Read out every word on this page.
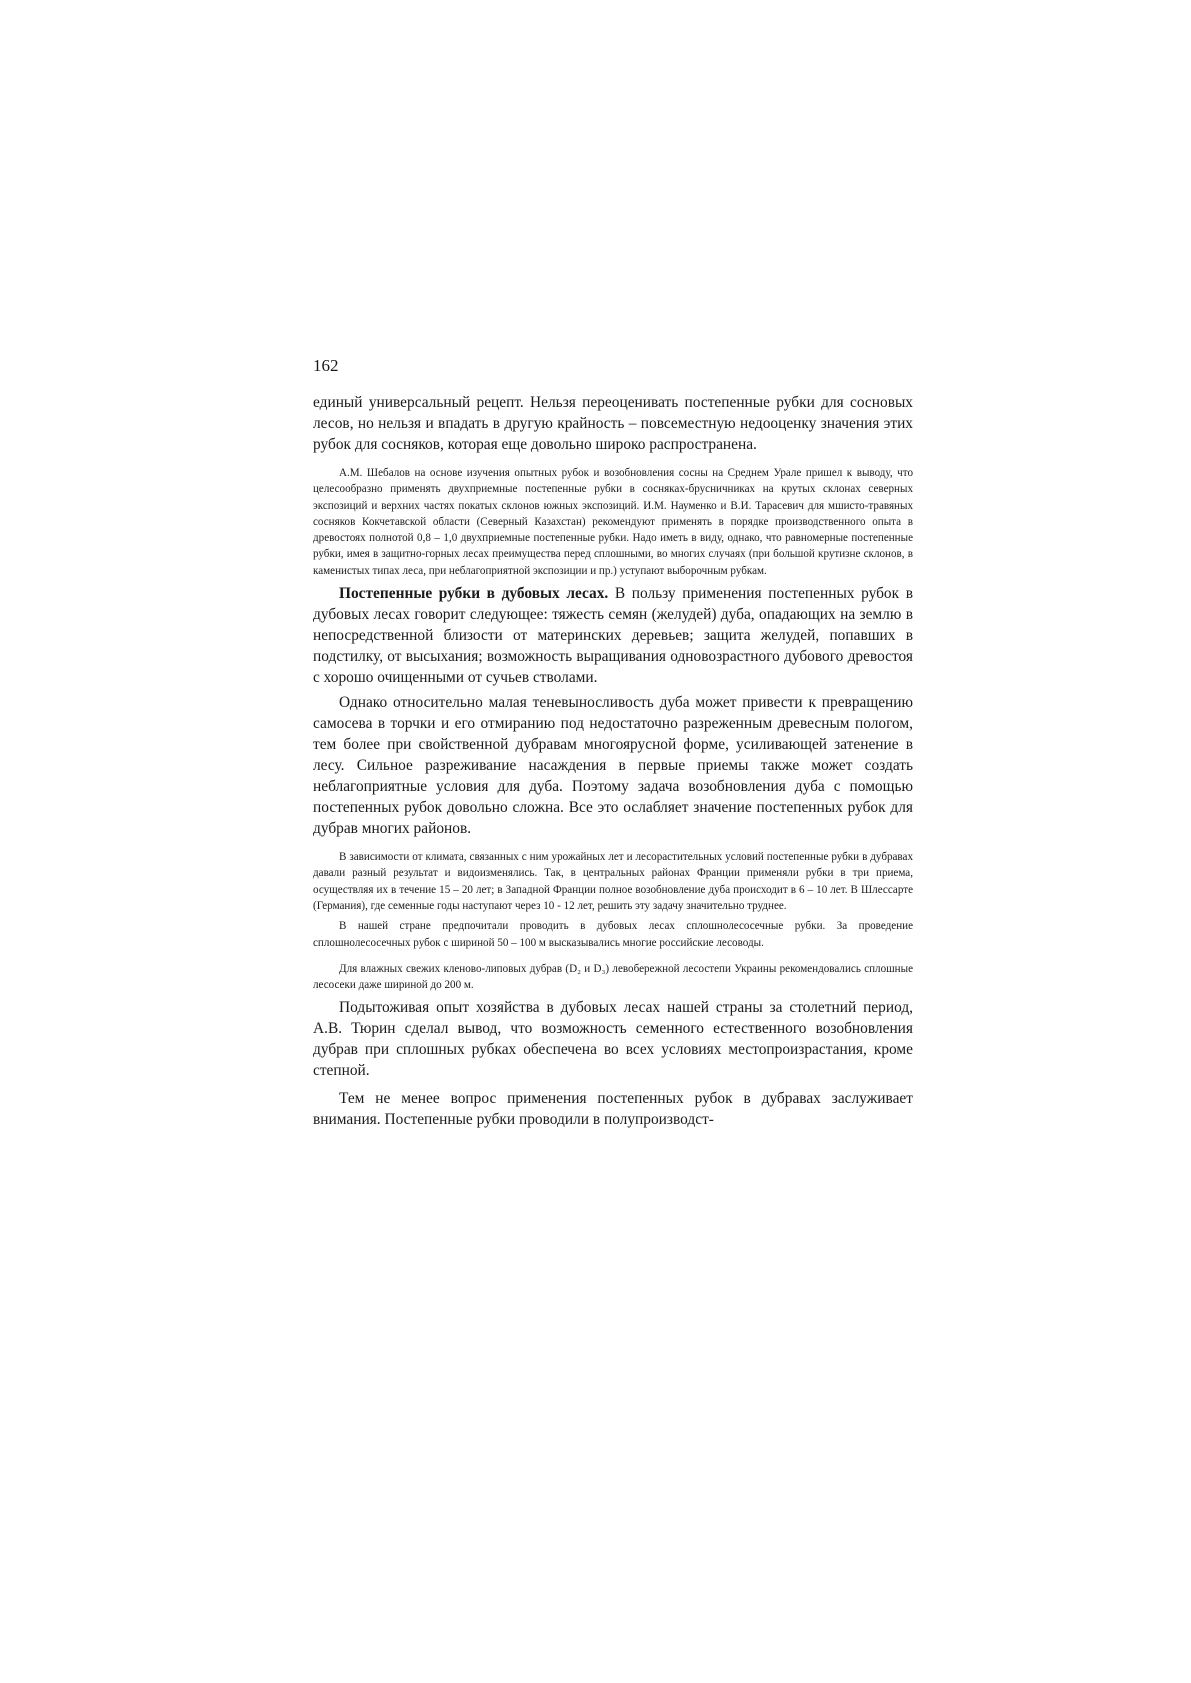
162

единый универсальный рецепт. Нельзя переоценивать постепенные рубки для сосновых лесов, но нельзя и впадать в другую крайность – повсеместную недооценку значения этих рубок для сосняков, которая еще довольно широко распространена.

А.М. Шебалов на основе изучения опытных рубок и возобновления сосны на Среднем Урале пришел к выводу, что целесообразно применять двухприемные постепенные рубки в сосняках-брусничниках на крутых склонах северных экспозиций и верхних частях покатых склонов южных экспозиций. И.М. Науменко и В.И. Тарасевич для мшисто-травяных сосняков Кокчетавской области (Северный Казахстан) рекомендуют применять в порядке производственного опыта в древостоях полнотой 0,8 – 1,0 двухприемные постепенные рубки. Надо иметь в виду, однако, что равномерные постепенные рубки, имея в защитно-горных лесах преимущества перед сплошными, во многих случаях (при большой крутизне склонов, в каменистых типах леса, при неблагоприятной экспозиции и пр.) уступают выборочным рубкам.

Постепенные рубки в дубовых лесах. В пользу применения постепенных рубок в дубовых лесах говорит следующее: тяжесть семян (желудей) дуба, опадающих на землю в непосредственной близости от материнских деревьев; защита желудей, попавших в подстилку, от высыхания; возможность выращивания одновозрастного дубового древостоя с хорошо очищенными от сучьев стволами.

Однако относительно малая теневыносливость дуба может привести к превращению самосева в торчки и его отмиранию под недостаточно разреженным древесным пологом, тем более при свойственной дубравам многоярусной форме, усиливающей затенение в лесу. Сильное разреживание насаждения в первые приемы также может создать неблагоприятные условия для дуба. Поэтому задача возобновления дуба с помощью постепенных рубок довольно сложна. Все это ослабляет значение постепенных рубок для дубрав многих районов.

В зависимости от климата, связанных с ним урожайных лет и лесорастительных условий постепенные рубки в дубравах давали разный результат и видоизменялись. Так, в центральных районах Франции применяли рубки в три приема, осуществляя их в течение 15 – 20 лет; в Западной Франции полное возобновление дуба происходит в 6 – 10 лет. В Шлессарте (Германия), где семенные годы наступают через 10 - 12 лет, решить эту задачу значительно труднее.

В нашей стране предпочитали проводить в дубовых лесах сплошнолесосечные рубки. За проведение сплошнолесосечных рубок с шириной 50 – 100 м высказывались многие российские лесоводы.

Для влажных свежих кленово-липовых дубрав (D₂ и D₃) левобережной лесостепи Украины рекомендовались сплошные лесосеки даже шириной до 200 м.

Подытоживая опыт хозяйства в дубовых лесах нашей страны за столетний период, А.В. Тюрин сделал вывод, что возможность семенного естественного возобновления дубрав при сплошных рубках обеспечена во всех условиях местопроизрастания, кроме степной.

Тем не менее вопрос применения постепенных рубок в дубравах заслуживает внимания. Постепенные рубки проводили в полупроизводст-
